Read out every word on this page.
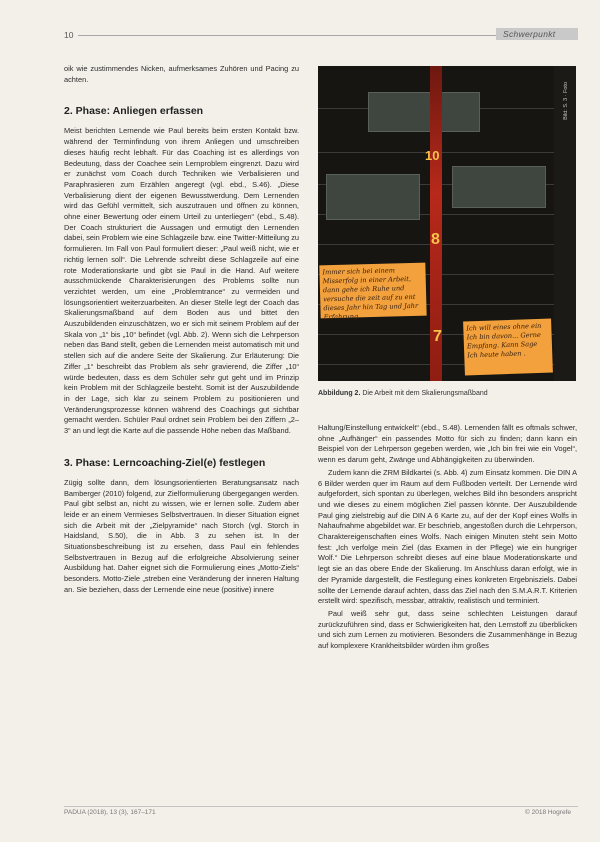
10	Schwerpunkt

oik wie zustimmendes Nicken, aufmerksames Zuhören und Pacing zu achten.

2. Phase: Anliegen erfassen

Meist berichten Lernende wie Paul bereits beim ersten Kontakt bzw. während der Terminfindung von ihrem Anliegen und umschreiben dieses häufig recht lebhaft. Für das Coaching ist es allerdings von Bedeutung, dass der Coachee sein Lernproblem eingrenzt. Dazu wird er zunächst vom Coach durch Techniken wie Verbalisieren und Paraphrasieren zum Erzählen angeregt (vgl. ebd., S.46). „Diese Verbalisierung dient der eigenen Bewusstwerdung. Dem Lernenden wird das Gefühl vermittelt, sich auszutrauen und öffnen zu können, ohne einer Bewertung oder einem Urteil zu unterliegen“ (ebd., S.48). Der Coach strukturiert die Aussagen und ermutigt den Lernenden dabei, sein Problem wie eine Schlagzeile bzw. eine Twitter-Mitteilung zu formulieren. Im Fall von Paul formuliert dieser: „Paul weiß nicht, wie er richtig lernen soll“. Die Lehrende schreibt diese Schlagzeile auf eine rote Moderationskarte und gibt sie Paul in die Hand. Auf weitere ausschmückende Charakterisierungen des Problems sollte nun verzichtet werden, um eine „Problemtrance“ zu vermeiden und lösungsorientiert weiterzuarbeiten. An dieser Stelle legt der Coach das Skalierungsmaßband auf dem Boden aus und bittet den Auszubildenden einzuschätzen, wo er sich mit seinem Problem auf der Skala von „1“ bis „10“ befindet (vgl. Abb. 2). Wenn sich die Lehrperson neben das Band stellt, geben die Lernenden meist automatisch mit und stellen sich auf die andere Seite der Skalierung. Zur Erläuterung: Die Ziffer „1“ beschreibt das Problem als sehr gravierend, die Ziffer „10“ würde bedeuten, dass es dem Schüler sehr gut geht und im Prinzip kein Problem mit der Schlagzeile besteht. Somit ist der Auszubildende in der Lage, sich klar zu seinem Problem zu positionieren und Veränderungsprozesse können während des Coachings gut sichtbar gemacht werden. Schüler Paul ordnet sein Problem bei den Ziffern „2–3“ an und legt die Karte auf die passende Höhe neben das Maßband.

3. Phase: Lerncoaching-Ziel(e) festlegen

Zügig sollte dann, dem lösungsorientierten Beratungsansatz nach Bamberger (2010) folgend, zur Zielformulierung übergegangen werden. Paul gibt selbst an, nicht zu wissen, wie er lernen solle. Zudem aber leide er an einem Vermieses Selbstvertrauen. In dieser Situation eignet sich die Arbeit mit der „Zielpyramide“ nach Storch (vgl. Storch in Haidsland, S.50), die in Abb. 3 zu sehen ist. In der Situationsbeschreibung ist zu ersehen, dass Paul ein fehlendes Selbstvertrauen in Bezug auf die erfolgreiche Absolvierung seiner Ausbildung hat. Daher eignet sich die Formulierung eines „Motto-Ziels“ besonders. Motto-Ziele „streben eine Veränderung der inneren Haltung an. Sie beziehen, dass der Lernende eine neue (positive) innere

10
8
7
Immer sich bei einem Misserfolg in einer Arbeit, dann gehe ich Ruhe und versuche die zeit auf zu ent dieses Jahr hin Tag und Jahr Erfahrung
Ich will eines ohne ein Ich bin davon... Gerne Empfang. Kann Sage Ich heute haben .
Bild: S. 3 · Foto
Abbildung 2. Die Arbeit mit dem Skalierungsmaßband

Haltung/Einstellung entwickelt“ (ebd., S.48). Lernenden fällt es oftmals schwer, ohne „Aufhänger“ ein passendes Motto für sich zu finden; dann kann ein Beispiel von der Lehrperson gegeben werden, wie „Ich bin frei wie ein Vogel“, wenn es darum geht, Zwänge und Abhängigkeiten zu überwinden.

Zudem kann die ZRM Bildkartei (s. Abb. 4) zum Einsatz kommen. Die DIN A 6 Bilder werden quer im Raum auf dem Fußboden verteilt. Der Lernende wird aufgefordert, sich spontan zu überlegen, welches Bild ihn besonders anspricht und wie dieses zu einem möglichen Ziel passen könnte. Der Auszubildende Paul ging zielstrebig auf die DIN A 6 Karte zu, auf der der Kopf eines Wolfs in Nahaufnahme abgebildet war. Er beschrieb, angestoßen durch die Lehrperson, Charaktereigenschaften eines Wolfs. Nach einigen Minuten steht sein Motto fest: „Ich verfolge mein Ziel (das Examen in der Pflege) wie ein hungriger Wolf.“ Die Lehrperson schreibt dieses auf eine blaue Moderationskarte und legt sie an das obere Ende der Skalierung. Im Anschluss daran erfolgt, wie in der Pyramide dargestellt, die Festlegung eines konkreten Ergebnisziels. Dabei sollte der Lernende darauf achten, dass das Ziel nach den S.M.A.R.T. Kriterien erstellt wird: spezifisch, messbar, attraktiv, realistisch und terminiert.

Paul weiß sehr gut, dass seine schlechten Leistungen darauf zurückzuführen sind, dass er Schwierigkeiten hat, den Lernstoff zu überblicken und sich zum Lernen zu motivieren. Besonders die Zusammenhänge in Bezug auf komplexere Krankheitsbilder würden ihm großes

PADUA (2018), 13 (3), 167–171	© 2018 Hogrefe
